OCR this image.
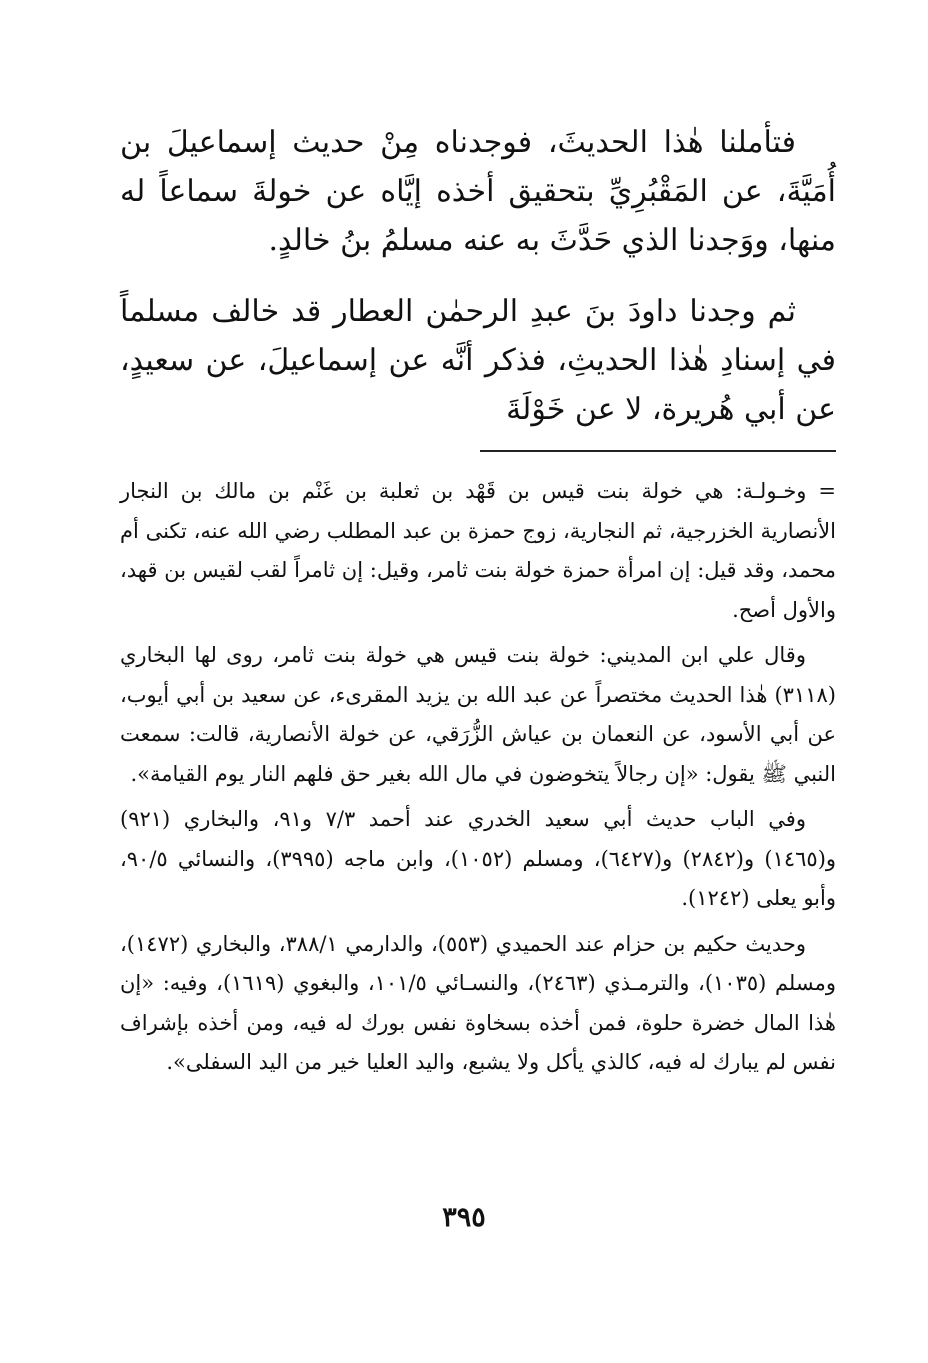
فتأملنا هٰذا الحديثَ، فوجدناه مِنْ حديث إسماعيلَ بن أُمَيَّةَ، عن المَقْبُرِيِّ بتحقيق أخذه إيَّاه عن خولةَ سماعاً له منها، ووَجدنا الذي حَدَّثَ به عنه مسلمُ بنُ خالدٍ.

ثم وجدنا داودَ بنَ عبدِ الرحمٰن العطار قد خالف مسلماً في إسنادِ هٰذا الحديثِ، فذكر أنَّه عن إسماعيلَ، عن سعيدٍ، عن أبي هُريرة، لا عن خَوْلَةَ

= وخـولـة: هي خولة بنت قيس بن قَهْد بن ثعلبة بن غَنْم بن مالك بن النجار الأنصارية الخزرجية، ثم النجارية، زوج حمزة بن عبد المطلب رضي الله عنه، تكنى أم محمد، وقد قيل: إن امرأة حمزة خولة بنت ثامر، وقيل: إن ثامراً لقب لقيس بن قهد، والأول أصح.

وقال علي ابن المديني: خولة بنت قيس هي خولة بنت ثامر، روى لها البخاري (٣١١٨) هٰذا الحديث مختصراً عن عبد الله بن يزيد المقرىء، عن سعيد بن أبي أيوب، عن أبي الأسود، عن النعمان بن عياش الزُّرَقي، عن خولة الأنصارية، قالت: سمعت النبي ﷺ يقول: «إن رجالاً يتخوضون في مال الله بغير حق فلهم النار يوم القيامة».

وفي الباب حديث أبي سعيد الخدري عند أحمد ٧/٣ و٩١، والبخاري (٩٢١) و(١٤٦٥) و(٢٨٤٢) و(٦٤٢٧)، ومسلم (١٠٥٢)، وابن ماجه (٣٩٩٥)، والنسائي ٩٠/٥، وأبو يعلى (١٢٤٢).

وحديث حكيم بن حزام عند الحميدي (٥٥٣)، والدارمي ٣٨٨/١، والبخاري (١٤٧٢)، ومسلم (١٠٣٥)، والترمـذي (٢٤٦٣)، والنسـائي ١٠١/٥، والبغوي (١٦١٩)، وفيه: «إن هٰذا المال خضرة حلوة، فمن أخذه بسخاوة نفس بورك له فيه، ومن أخذه بإشراف نفس لم يبارك له فيه، كالذي يأكل ولا يشبع، واليد العليا خير من اليد السفلى».

٣٩٥
